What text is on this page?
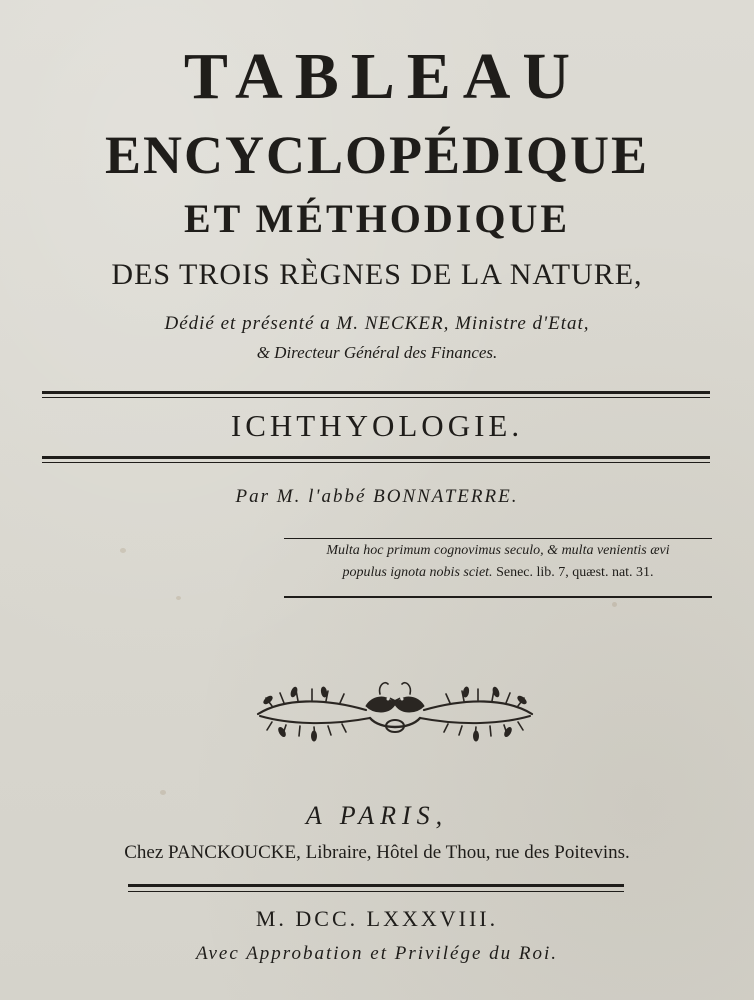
TABLEAU
ENCYCLOPÉDIQUE
ET MÉTHODIQUE
DES TROIS RÈGNES DE LA NATURE,
Dédié et présenté a M. NECKER, Ministre d'Etat,
& Directeur Général des Finances.
ICHTHYOLOGIE.
Par M. l'abbé BONNATERRE.
Multa hoc primum cognovimus seculo, & multa venientis ævi
populus ignota nobis sciet. Senec. lib. 7, quæst. nat. 31.
A PARIS,
Chez PANCKOUCKE, Libraire, Hôtel de Thou, rue des Poitevins.
M. DCC. LXXXVIII.
Avec Approbation et Privilége du Roi.
